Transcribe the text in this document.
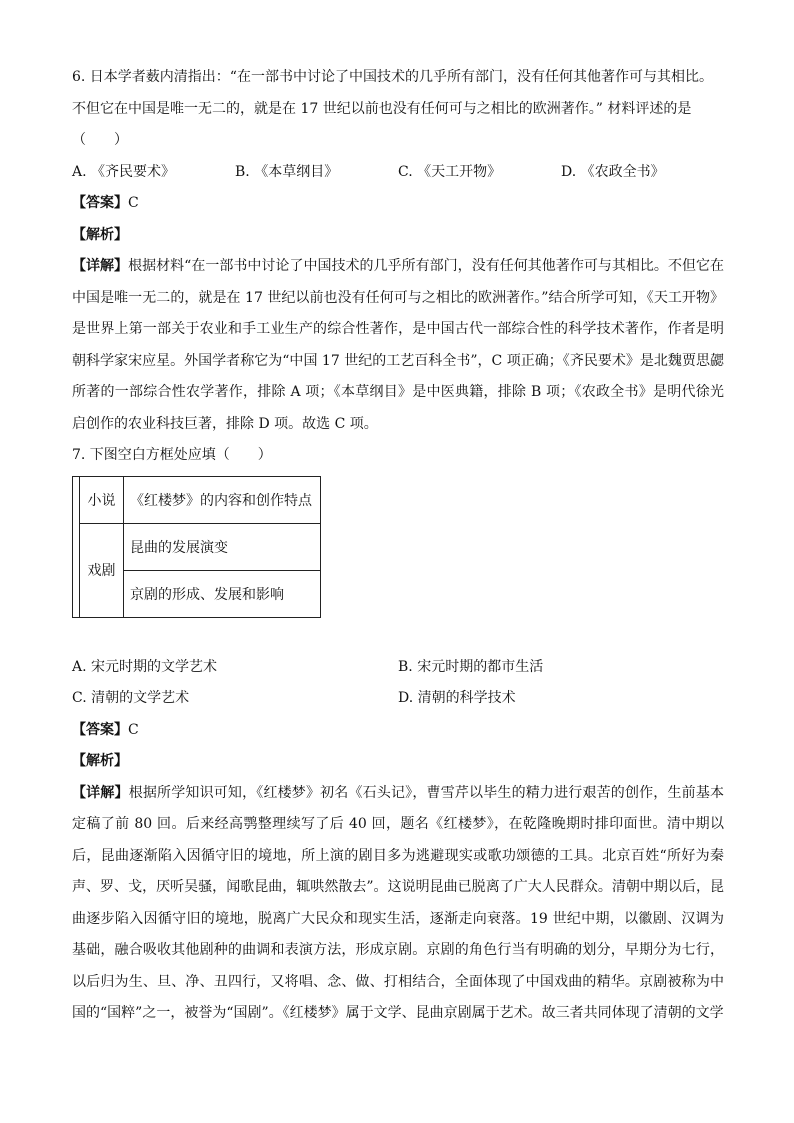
6. 日本学者薮内清指出：“在一部书中讨论了中国技术的几乎所有部门，没有任何其他著作可与其相比。
不但它在中国是唯一无二的，就是在 17 世纪以前也没有任何可与之相比的欧洲著作。” 材料评述的是
（　　）
A. 《齐民要术》	B. 《本草纲目》	C. 《天工开物》	D. 《农政全书》
【答案】C
【解析】
【详解】根据材料“在一部书中讨论了中国技术的几乎所有部门，没有任何其他著作可与其相比。不但它在中国是唯一无二的，就是在 17 世纪以前也没有任何可与之相比的欧洲著作。”结合所学可知，《天工开物》是世界上第一部关于农业和手工业生产的综合性著作，是中国古代一部综合性的科学技术著作，作者是明朝科学家宋应星。外国学者称它为“中国 17 世纪的工艺百科全书”，C 项正确；《齐民要术》是北魏贾思勰所著的一部综合性农学著作，排除 A 项；《本草纲目》是中医典籍，排除 B 项；《农政全书》是明代徐光启创作的农业科技巨著，排除 D 项。故选 C 项。
7. 下图空白方框处应填（　　）
	小说	《红楼梦》的内容和创作特点
	戏剧	昆曲的发展演变
		京剧的形成、发展和影响
A. 宋元时期的文学艺术	B. 宋元时期的都市生活
C. 清朝的文学艺术	D. 清朝的科学技术
【答案】C
【解析】
【详解】根据所学知识可知，《红楼梦》初名《石头记》，曹雪芹以毕生的精力进行艰苦的创作，生前基本定稿了前 80 回。后来经高鹗整理续写了后 40 回，题名《红楼梦》，在乾隆晚期时排印面世。清中期以后，昆曲逐渐陷入因循守旧的境地，所上演的剧目多为逃避现实或歌功颂德的工具。北京百姓“所好为秦声、罗、戈，厌听吴骚，闻歌昆曲，辄哄然散去”。这说明昆曲已脱离了广大人民群众。清朝中期以后，昆曲逐步陷入因循守旧的境地，脱离广大民众和现实生活，逐渐走向衰落。19 世纪中期，以徽剧、汉调为基础，融合吸收其他剧种的曲调和表演方法，形成京剧。京剧的角色行当有明确的划分，早期分为七行，以后归为生、旦、净、丑四行，又将唱、念、做、打相结合，全面体现了中国戏曲的精华。京剧被称为中国的“国粹”之一，被誉为“国剧”。《红楼梦》属于文学、昆曲京剧属于艺术。故三者共同体现了清朝的文学
